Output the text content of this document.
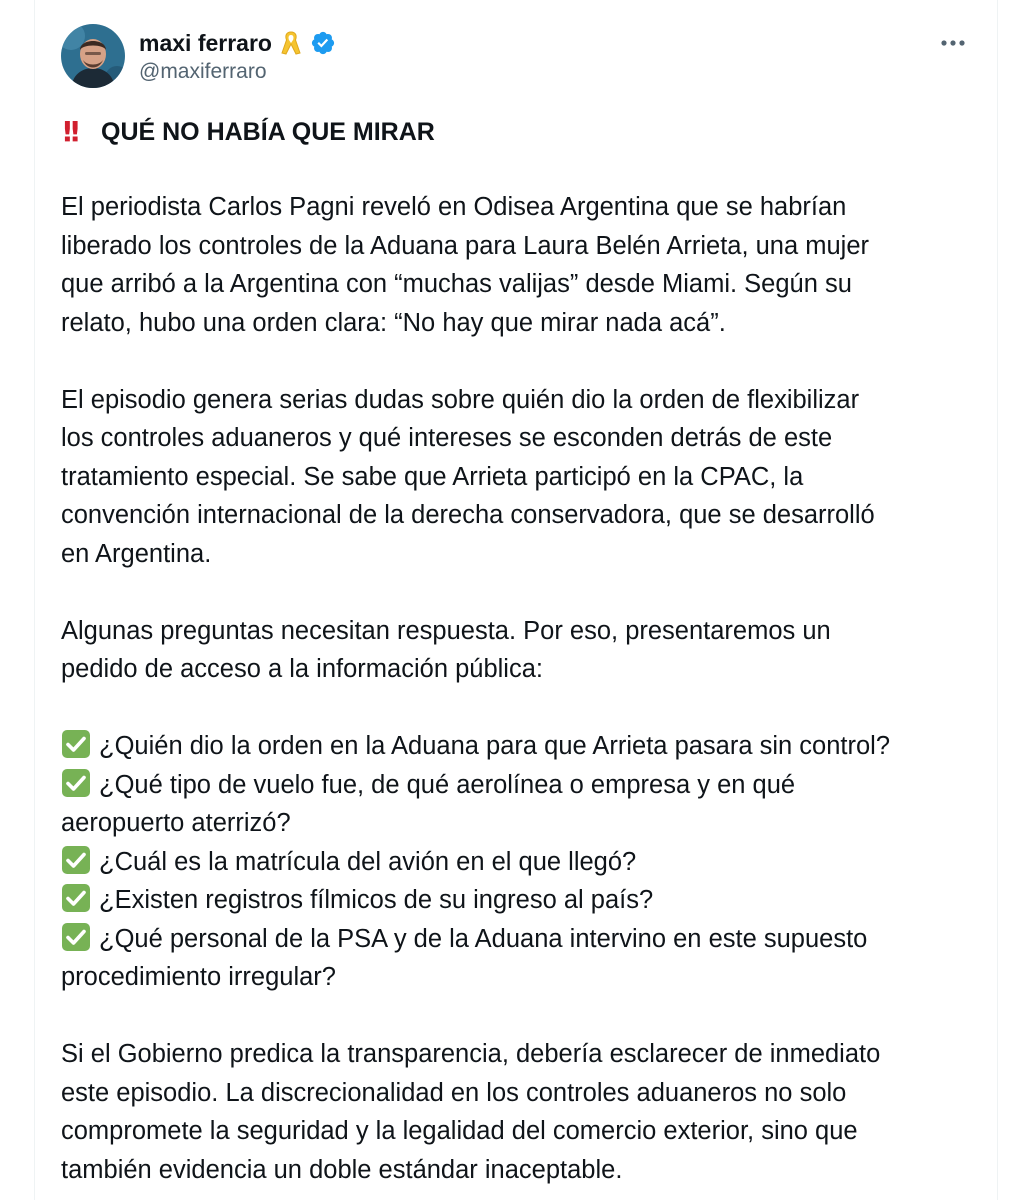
maxi ferraro
@maxiferraro
!! QUÉ NO HABÍA QUE MIRAR
El periodista Carlos Pagni reveló en Odisea Argentina que se habrían
liberado los controles de la Aduana para Laura Belén Arrieta, una mujer
que arribó a la Argentina con “muchas valijas” desde Miami. Según su
relato, hubo una orden clara: “No hay que mirar nada acá”.
El episodio genera serias dudas sobre quién dio la orden de flexibilizar
los controles aduaneros y qué intereses se esconden detrás de este
tratamiento especial. Se sabe que Arrieta participó en la CPAC, la
convención internacional de la derecha conservadora, que se desarrolló
en Argentina.
Algunas preguntas necesitan respuesta. Por eso, presentaremos un
pedido de acceso a la información pública:
¿Quién dio la orden en la Aduana para que Arrieta pasara sin control?
¿Qué tipo de vuelo fue, de qué aerolínea o empresa y en qué
aeropuerto aterrizó?
¿Cuál es la matrícula del avión en el que llegó?
¿Existen registros fílmicos de su ingreso al país?
¿Qué personal de la PSA y de la Aduana intervino en este supuesto
procedimiento irregular?
Si el Gobierno predica la transparencia, debería esclarecer de inmediato
este episodio. La discrecionalidad en los controles aduaneros no solo
compromete la seguridad y la legalidad del comercio exterior, sino que
también evidencia un doble estándar inaceptable.
